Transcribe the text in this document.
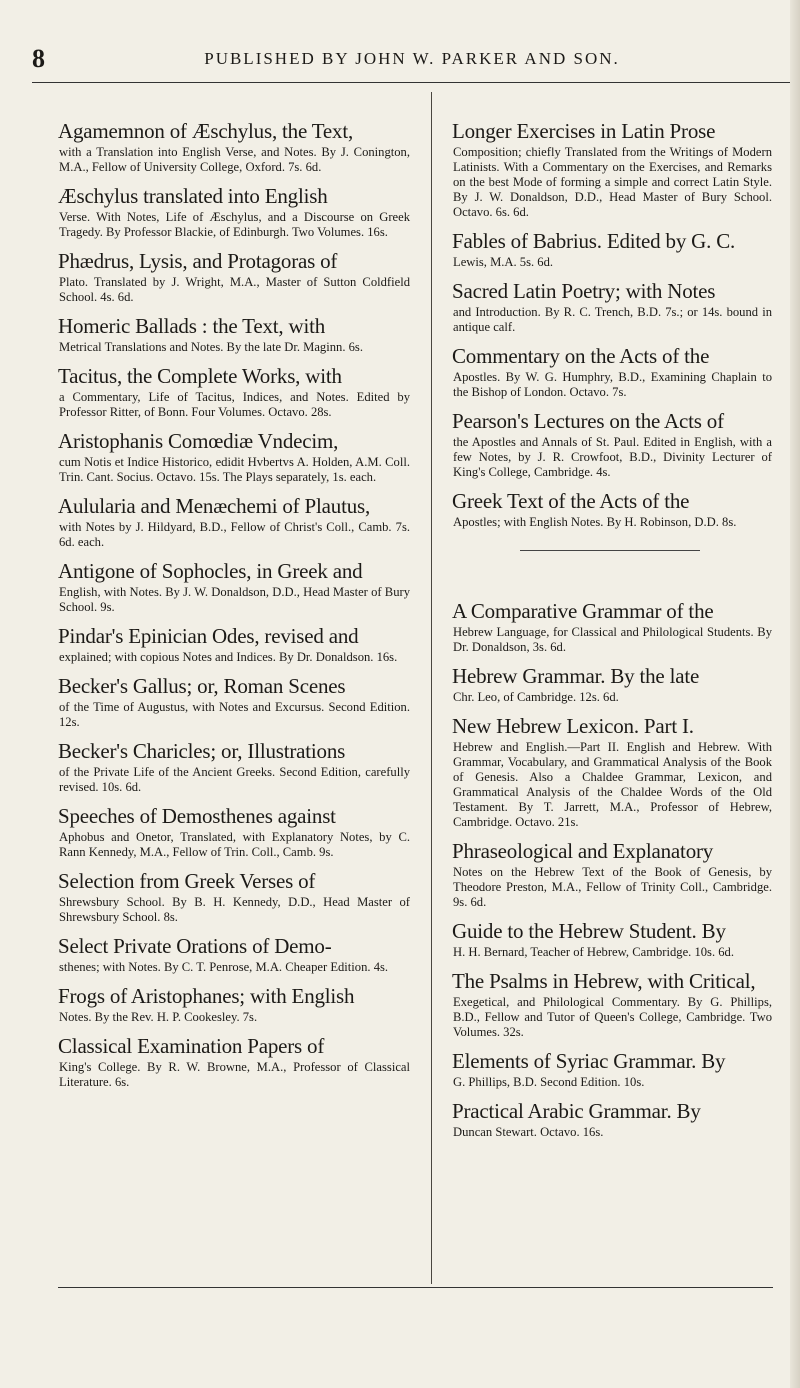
8	PUBLISHED BY JOHN W. PARKER AND SON.
Agamemnon of Æschylus, the Text,
with a Translation into English Verse, and Notes. By J. Conington, M.A., Fellow of University College, Oxford. 7s. 6d.
Æschylus translated into English
Verse. With Notes, Life of Æschylus, and a Discourse on Greek Tragedy. By Professor Blackie, of Edinburgh. Two Volumes. 16s.
Phædrus, Lysis, and Protagoras of
Plato. Translated by J. Wright, M.A., Master of Sutton Coldfield School. 4s. 6d.
Homeric Ballads : the Text, with
Metrical Translations and Notes. By the late Dr. Maginn. 6s.
Tacitus, the Complete Works, with
a Commentary, Life of Tacitus, Indices, and Notes. Edited by Professor Ritter, of Bonn. Four Volumes. Octavo. 28s.
Aristophanis Comœdiæ Vndecim,
cum Notis et Indice Historico, edidit Hvbertvs A. Holden, A.M. Coll. Trin. Cant. Socius. Octavo. 15s. The Plays separately, 1s. each.
Aulularia and Menæchemi of Plautus,
with Notes by J. Hildyard, B.D., Fellow of Christ's Coll., Camb. 7s. 6d. each.
Antigone of Sophocles, in Greek and
English, with Notes. By J. W. Donaldson, D.D., Head Master of Bury School. 9s.
Pindar's Epinician Odes, revised and
explained; with copious Notes and Indices. By Dr. Donaldson. 16s.
Becker's Gallus; or, Roman Scenes
of the Time of Augustus, with Notes and Excursus. Second Edition. 12s.
Becker's Charicles; or, Illustrations
of the Private Life of the Ancient Greeks. Second Edition, carefully revised. 10s. 6d.
Speeches of Demosthenes against
Aphobus and Onetor, Translated, with Explanatory Notes, by C. Rann Kennedy, M.A., Fellow of Trin. Coll., Camb. 9s.
Selection from Greek Verses of
Shrewsbury School. By B. H. Kennedy, D.D., Head Master of Shrewsbury School. 8s.
Select Private Orations of Demo-
sthenes; with Notes. By C. T. Penrose, M.A. Cheaper Edition. 4s.
Frogs of Aristophanes; with English
Notes. By the Rev. H. P. Cookesley. 7s.
Classical Examination Papers of
King's College. By R. W. Browne, M.A., Professor of Classical Literature. 6s.
Longer Exercises in Latin Prose
Composition; chiefly Translated from the Writings of Modern Latinists. With a Commentary on the Exercises, and Remarks on the best Mode of forming a simple and correct Latin Style. By J. W. Donaldson, D.D., Head Master of Bury School. Octavo. 6s. 6d.
Fables of Babrius. Edited by G. C.
Lewis, M.A. 5s. 6d.
Sacred Latin Poetry; with Notes
and Introduction. By R. C. Trench, B.D. 7s.; or 14s. bound in antique calf.
Commentary on the Acts of the
Apostles. By W. G. Humphry, B.D., Examining Chaplain to the Bishop of London. Octavo. 7s.
Pearson's Lectures on the Acts of
the Apostles and Annals of St. Paul. Edited in English, with a few Notes, by J. R. Crowfoot, B.D., Divinity Lecturer of King's College, Cambridge. 4s.
Greek Text of the Acts of the
Apostles; with English Notes. By H. Robinson, D.D. 8s.
A Comparative Grammar of the
Hebrew Language, for Classical and Philological Students. By Dr. Donaldson, 3s. 6d.
Hebrew Grammar. By the late
Chr. Leo, of Cambridge. 12s. 6d.
New Hebrew Lexicon. Part I.
Hebrew and English.—Part II. English and Hebrew. With Grammar, Vocabulary, and Grammatical Analysis of the Book of Genesis. Also a Chaldee Grammar, Lexicon, and Grammatical Analysis of the Chaldee Words of the Old Testament. By T. Jarrett, M.A., Professor of Hebrew, Cambridge. Octavo. 21s.
Phraseological and Explanatory
Notes on the Hebrew Text of the Book of Genesis, by Theodore Preston, M.A., Fellow of Trinity Coll., Cambridge. 9s. 6d.
Guide to the Hebrew Student. By
H. H. Bernard, Teacher of Hebrew, Cambridge. 10s. 6d.
The Psalms in Hebrew, with Critical,
Exegetical, and Philological Commentary. By G. Phillips, B.D., Fellow and Tutor of Queen's College, Cambridge. Two Volumes. 32s.
Elements of Syriac Grammar. By
G. Phillips, B.D. Second Edition. 10s.
Practical Arabic Grammar. By
Duncan Stewart. Octavo. 16s.
